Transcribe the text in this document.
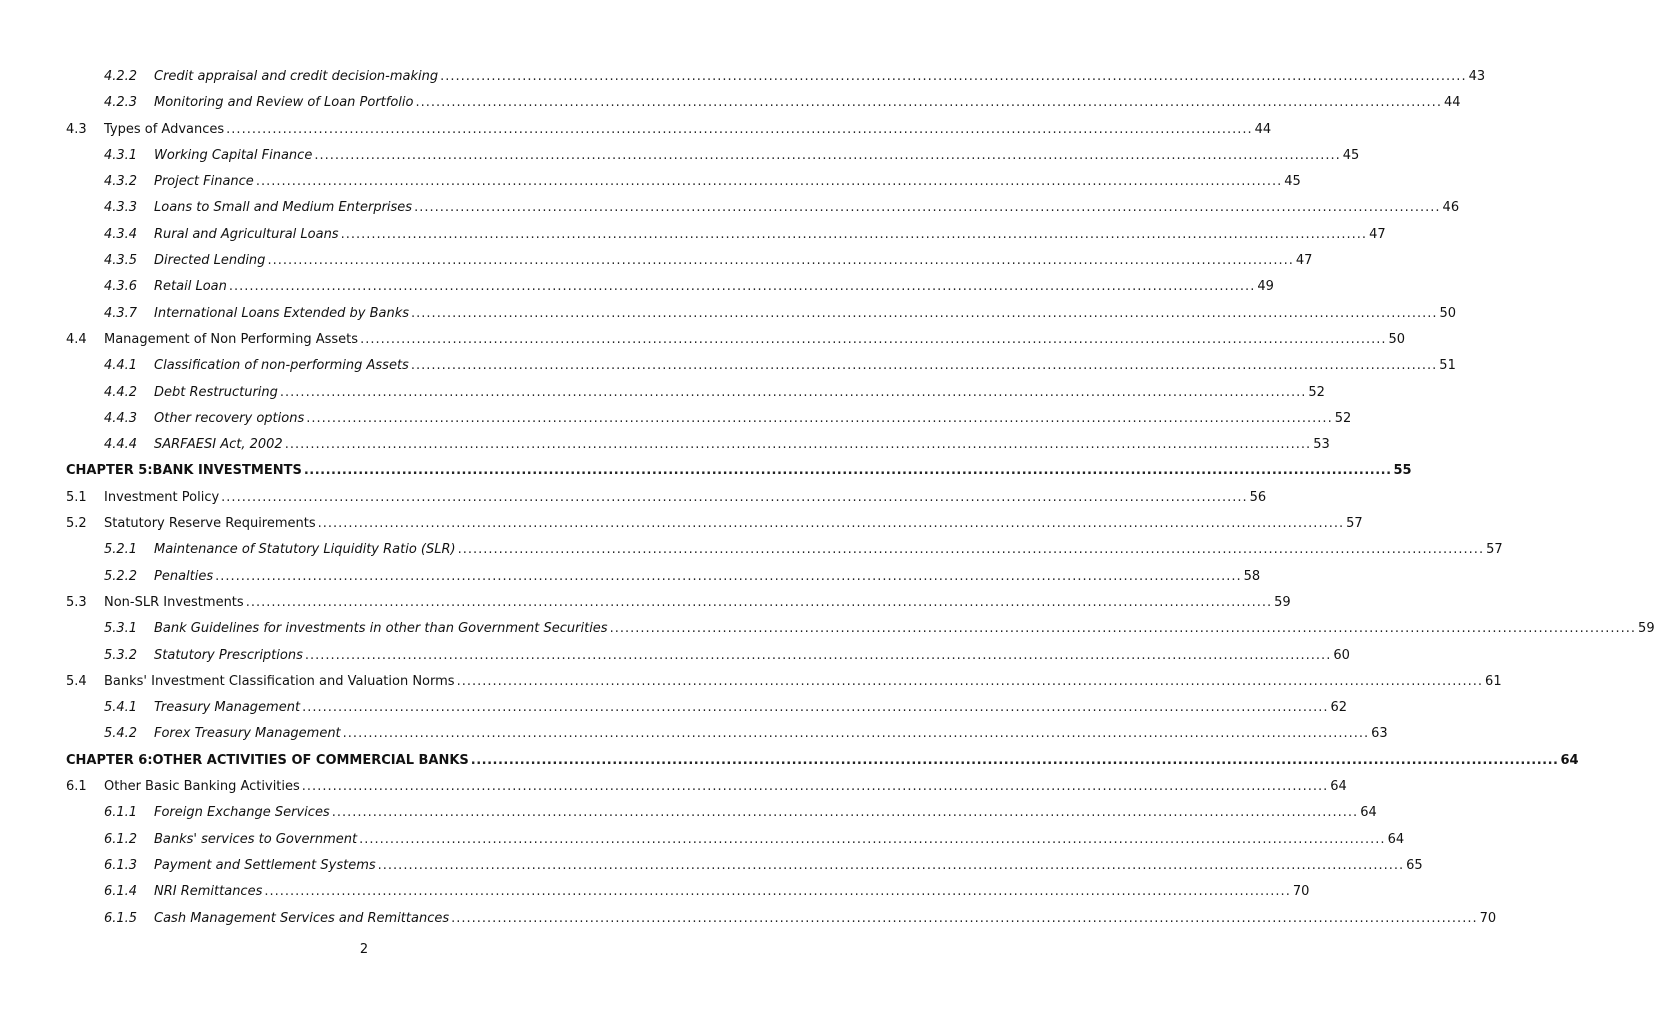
4.2.2	Credit appraisal and credit decision-making .....	43
4.2.3	Monitoring and Review of Loan Portfolio .....	44
4.3	Types of Advances .....	44
4.3.1	Working Capital Finance .....	45
4.3.2	Project Finance .....	45
4.3.3	Loans to Small and Medium Enterprises .....	46
4.3.4	Rural and Agricultural Loans .....	47
4.3.5	Directed Lending .....	47
4.3.6	Retail Loan .....	49
4.3.7	International Loans Extended by Banks .....	50
4.4	Management of Non Performing Assets .....	50
4.4.1	Classification of non-performing Assets .....	51
4.4.2	Debt Restructuring .....	52
4.4.3	Other recovery options .....	52
4.4.4	SARFAESI Act, 2002 .....	53
CHAPTER 5: BANK INVESTMENTS .....	55
5.1	Investment Policy .....	56
5.2	Statutory Reserve Requirements .....	57
5.2.1	Maintenance of Statutory Liquidity Ratio (SLR) .....	57
5.2.2	Penalties .....	58
5.3	Non-SLR Investments .....	59
5.3.1	Bank Guidelines for investments in other than Government Securities .....	59
5.3.2	Statutory Prescriptions .....	60
5.4	Banks' Investment Classification and Valuation Norms .....	61
5.4.1	Treasury Management .....	62
5.4.2	Forex Treasury Management .....	63
CHAPTER 6: OTHER ACTIVITIES OF COMMERCIAL BANKS .....	64
6.1	Other Basic Banking Activities .....	64
6.1.1	Foreign Exchange Services .....	64
6.1.2	Banks' services to Government .....	64
6.1.3	Payment and Settlement Systems .....	65
6.1.4	NRI Remittances .....	70
6.1.5	Cash Management Services and Remittances .....	70
2
